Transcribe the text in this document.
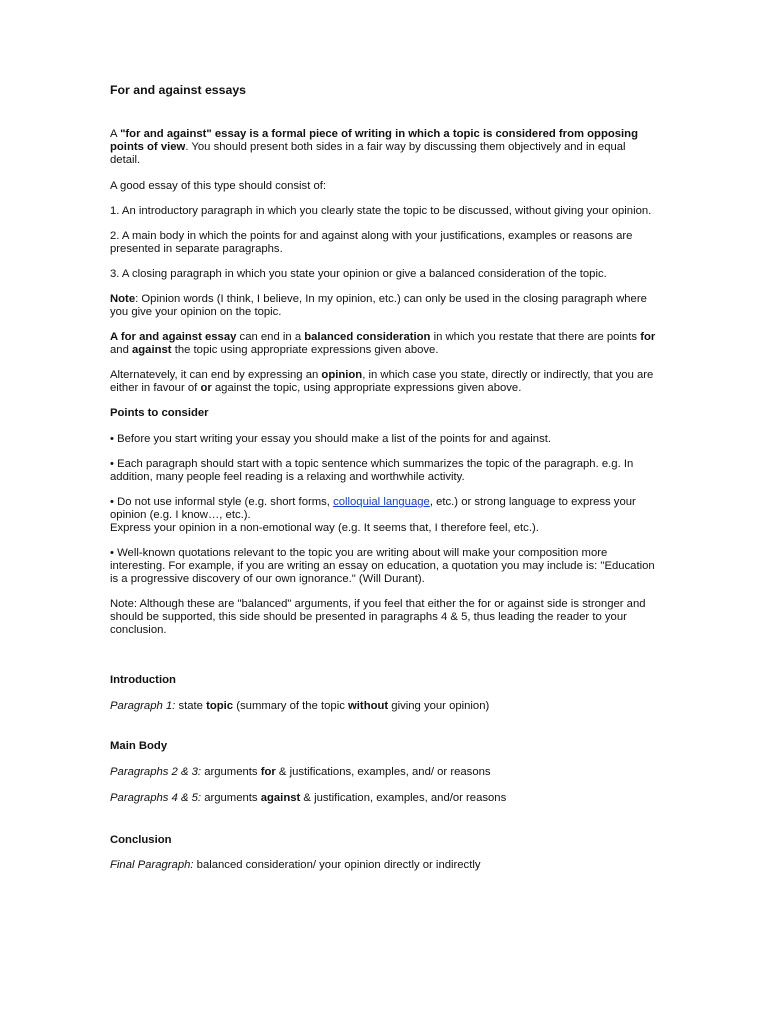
For and against essays

A "for and against" essay is a formal piece of writing in which a topic is considered from opposing points of view. You should present both sides in a fair way by discussing them objectively and in equal detail.

A good essay of this type should consist of:

1. An introductory paragraph in which you clearly state the topic to be discussed, without giving your opinion.

2. A main body in which the points for and against along with your justifications, examples or reasons are presented in separate paragraphs.

3. A closing paragraph in which you state your opinion or give a balanced consideration of the topic.

Note: Opinion words (I think, I believe, In my opinion, etc.) can only be used in the closing paragraph where you give your opinion on the topic.

A for and against essay can end in a balanced consideration in which you restate that there are points for and against the topic using appropriate expressions given above.

Alternatevely, it can end by expressing an opinion, in which case you state, directly or indirectly, that you are either in favour of or against the topic, using appropriate expressions given above.

Points to consider

• Before you start writing your essay you should make a list of the points for and against.

• Each paragraph should start with a topic sentence which summarizes the topic of the paragraph. e.g. In addition, many people feel reading is a relaxing and worthwhile activity.

• Do not use informal style (e.g. short forms, colloquial language, etc.) or strong language to express your opinion (e.g. I know…, etc.).

Express your opinion in a non-emotional way (e.g. It seems that, I therefore feel, etc.).

• Well-known quotations relevant to the topic you are writing about will make your composition more interesting. For example, if you are writing an essay on education, a quotation you may include is: "Education is a progressive discovery of our own ignorance." (Will Durant).

Note: Although these are "balanced" arguments, if you feel that either the for or against side is stronger and should be supported, this side should be presented in paragraphs 4 & 5, thus leading the reader to your conclusion.

Introduction

Paragraph 1: state topic (summary of the topic without giving your opinion)

Main Body

Paragraphs 2 & 3: arguments for & justifications, examples, and/ or reasons

Paragraphs 4 & 5: arguments against & justification, examples, and/or reasons

Conclusion

Final Paragraph: balanced consideration/ your opinion directly or indirectly
